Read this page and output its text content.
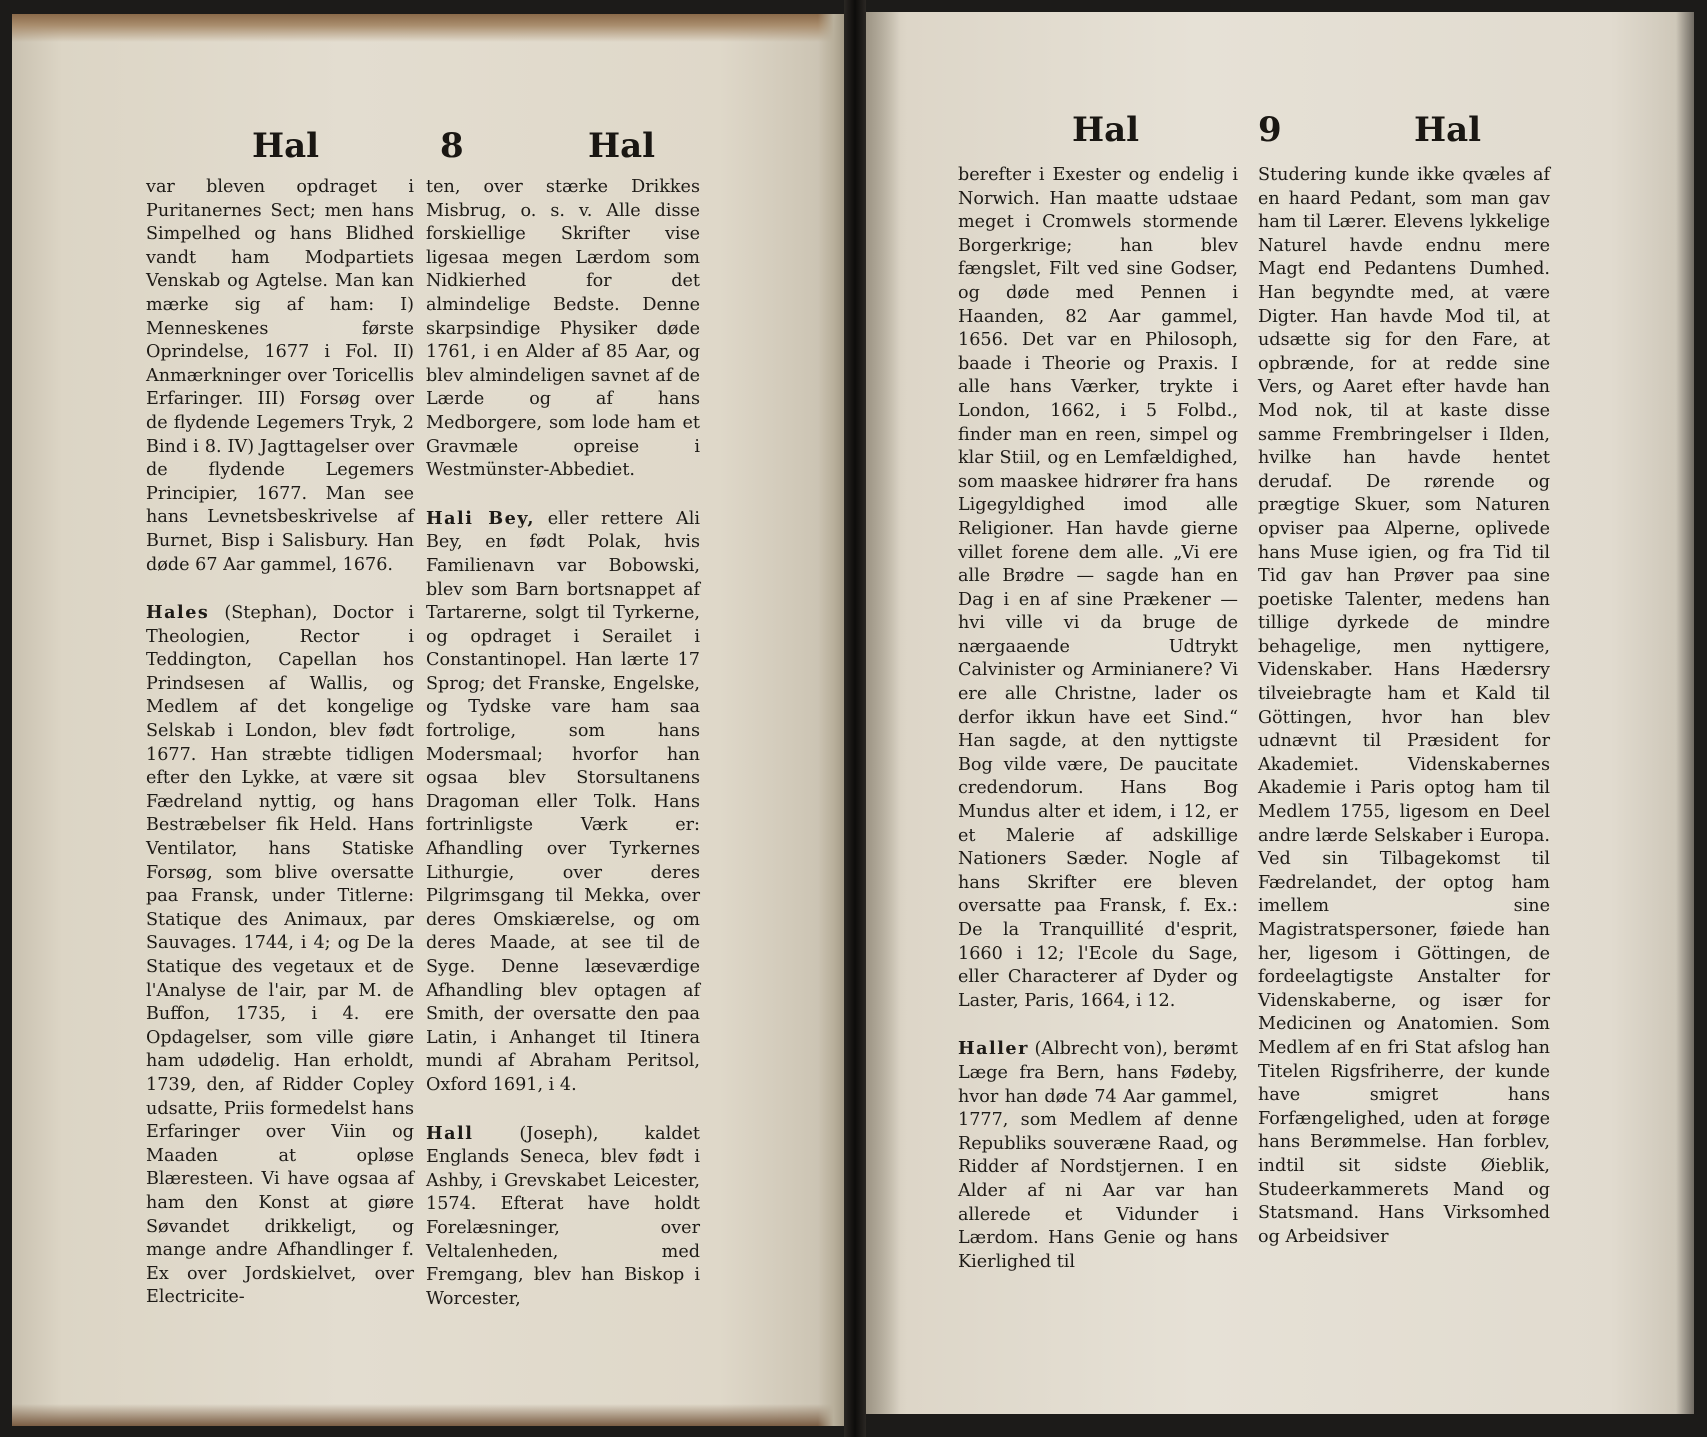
Hal	8	Hal

var bleven opdraget i Puritanernes Sect; men hans Simpelhed og hans Blidhed vandt ham Modpartiets Venskab og Agtelse. Man kan mærke sig af ham: I) Menneskenes første Oprindelse, 1677 i Fol. II) Anmærkninger over Toricellis Erfaringer. III) Forsøg over de flydende Legemers Tryk, 2 Bind i 8. IV) Jagttagelser over de flydende Legemers Principier, 1677. Man see hans Levnetsbeskrivelse af Burnet, Bisp i Salisbury. Han døde 67 Aar gammel, 1676.

Hales (Stephan), Doctor i Theologien, Rector i Teddington, Capellan hos Prindsesen af Wallis, og Medlem af det kongelige Selskab i London, blev født 1677. Han stræbte tidligen efter den Lykke, at være sit Fædreland nyttig, og hans Bestræbelser fik Held. Hans Ventilator, hans Statiske Forsøg, som blive oversatte paa Fransk, under Titlerne: Statique des Animaux, par Sauvages. 1744, i 4; og De la Statique des vegetaux et de l'Analyse de l'air, par M. de Buffon, 1735, i 4. ere Opdagelser, som ville giøre ham udødelig. Han erholdt, 1739, den, af Ridder Copley udsatte, Priis formedelst hans Erfaringer over Viin og Maaden at opløse Blæresteen. Vi have ogsaa af ham den Konst at giøre Søvandet drikkeligt, og mange andre Afhandlinger f. Ex over Jordskielvet, over Electricite-

ten, over stærke Drikkes Misbrug, o. s. v. Alle disse forskiellige Skrifter vise ligesaa megen Lærdom som Nidkierhed for det almindelige Bedste. Denne skarpsindige Physiker døde 1761, i en Alder af 85 Aar, og blev almindeligen savnet af de Lærde og af hans Medborgere, som lode ham et Gravmæle opreise i Westmünster-Abbediet.

Hali Bey, eller rettere Ali Bey, en født Polak, hvis Familienavn var Bobowski, blev som Barn bortsnappet af Tartarerne, solgt til Tyrkerne, og opdraget i Serailet i Constantinopel. Han lærte 17 Sprog; det Franske, Engelske, og Tydske vare ham saa fortrolige, som hans Modersmaal; hvorfor han ogsaa blev Storsultanens Dragoman eller Tolk. Hans fortrinligste Værk er: Afhandling over Tyrkernes Lithurgie, over deres Pilgrimsgang til Mekka, over deres Omskiærelse, og om deres Maade, at see til de Syge. Denne læseværdige Afhandling blev optagen af Smith, der oversatte den paa Latin, i Anhanget til Itinera mundi af Abraham Peritsol, Oxford 1691, i 4.

Hall (Joseph), kaldet Englands Seneca, blev født i Ashby, i Grevskabet Leicester, 1574. Efterat have holdt Forelæsninger, over Veltalenheden, med Fremgang, blev han Biskop i Worcester,

Hal	9	Hal

berefter i Exester og endelig i Norwich. Han maatte udstaae meget i Cromwels stormende Borgerkrige; han blev fængslet, Filt ved sine Godser, og døde med Pennen i Haanden, 82 Aar gammel, 1656. Det var en Philosoph, baade i Theorie og Praxis. I alle hans Værker, trykte i London, 1662, i 5 Folbd., finder man en reen, simpel og klar Stiil, og en Lemfældighed, som maaskee hidrører fra hans Ligegyldighed imod alle Religioner. Han havde gierne villet forene dem alle. „Vi ere alle Brødre — sagde han en Dag i en af sine Prækener — hvi ville vi da bruge de nærgaaende Udtrykt Calvinister og Arminianere? Vi ere alle Christne, lader os derfor ikkun have eet Sind.“ Han sagde, at den nyttigste Bog vilde være, De paucitate credendorum. Hans Bog Mundus alter et idem, i 12, er et Malerie af adskillige Nationers Sæder. Nogle af hans Skrifter ere bleven oversatte paa Fransk, f. Ex.: De la Tranquillité d'esprit, 1660 i 12; l'Ecole du Sage, eller Characterer af Dyder og Laster, Paris, 1664, i 12.

Haller (Albrecht von), berømt Læge fra Bern, hans Fødeby, hvor han døde 74 Aar gammel, 1777, som Medlem af denne Republiks souveræne Raad, og Ridder af Nordstjernen. I en Alder af ni Aar var han allerede et Vidunder i Lærdom. Hans Genie og hans Kierlighed til

Studering kunde ikke qvæles af en haard Pedant, som man gav ham til Lærer. Elevens lykkelige Naturel havde endnu mere Magt end Pedantens Dumhed. Han begyndte med, at være Digter. Han havde Mod til, at udsætte sig for den Fare, at opbrænde, for at redde sine Vers, og Aaret efter havde han Mod nok, til at kaste disse samme Frembringelser i Ilden, hvilke han havde hentet derudaf. De rørende og prægtige Skuer, som Naturen opviser paa Alperne, oplivede hans Muse igien, og fra Tid til Tid gav han Prøver paa sine poetiske Talenter, medens han tillige dyrkede de mindre behagelige, men nyttigere, Videnskaber. Hans Hædersry tilveiebragte ham et Kald til Göttingen, hvor han blev udnævnt til Præsident for Akademiet. Videnskabernes Akademie i Paris optog ham til Medlem 1755, ligesom en Deel andre lærde Selskaber i Europa. Ved sin Tilbagekomst til Fædrelandet, der optog ham imellem sine Magistratspersoner, føiede han her, ligesom i Göttingen, de fordeelagtigste Anstalter for Videnskaberne, og især for Medicinen og Anatomien. Som Medlem af en fri Stat afslog han Titelen Rigsfriherre, der kunde have smigret hans Forfængelighed, uden at forøge hans Berømmelse. Han forblev, indtil sit sidste Øieblik, Studeerkammerets Mand og Statsmand. Hans Virksomhed og Arbeidsiver
